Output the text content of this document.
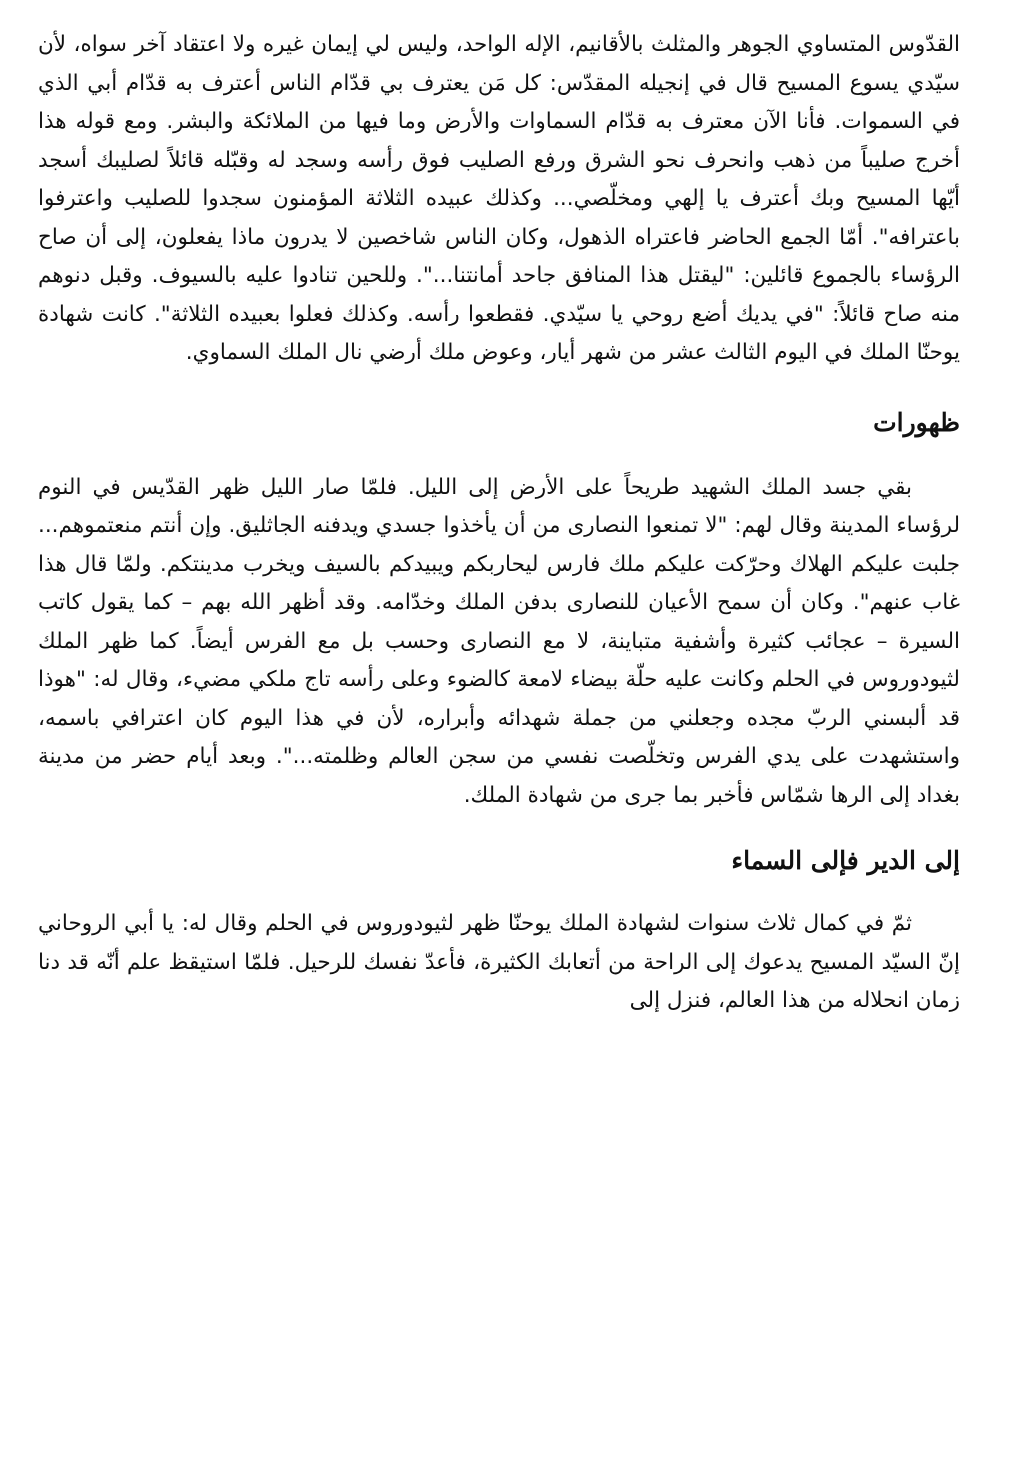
القدّوس المتساوي الجوهر والمثلث بالأقانيم، الإله الواحد، وليس لي إيمان غيره ولا اعتقاد آخر سواه، لأن سيّدي يسوع المسيح قال في إنجيله المقدّس: كل مَن يعترف بي قدّام الناس أعترف به قدّام أبي الذي في السموات. فأنا الآن معترف به قدّام السماوات والأرض وما فيها من الملائكة والبشر. ومع قوله هذا أخرج صليباً من ذهب وانحرف نحو الشرق ورفع الصليب فوق رأسه وسجد له وقبّله قائلاً لصليبك أسجد أيّها المسيح وبك أعترف يا إلهي ومخلّصي... وكذلك عبيده الثلاثة المؤمنون سجدوا للصليب واعترفوا باعترافه". أمّا الجمع الحاضر فاعتراه الذهول، وكان الناس شاخصين لا يدرون ماذا يفعلون، إلى أن صاح الرؤساء بالجموع قائلين: "ليقتل هذا المنافق جاحد أمانتنا...". وللحين تنادوا عليه بالسيوف. وقبل دنوهم منه صاح قائلاً: "في يديك أضع روحي يا سيّدي. فقطعوا رأسه. وكذلك فعلوا بعبيده الثلاثة". كانت شهادة يوحنّا الملك في اليوم الثالث عشر من شهر أيار، وعوض ملك أرضي نال الملك السماوي.

ظهورات

بقي جسد الملك الشهيد طريحاً على الأرض إلى الليل. فلمّا صار الليل ظهر القدّيس في النوم لرؤساء المدينة وقال لهم: "لا تمنعوا النصارى من أن يأخذوا جسدي ويدفنه الجاثليق. وإن أنتم منعتموهم... جلبت عليكم الهلاك وحرّكت عليكم ملك فارس ليحاربكم ويبيدكم بالسيف ويخرب مدينتكم. ولمّا قال هذا غاب عنهم". وكان أن سمح الأعيان للنصارى بدفن الملك وخدّامه. وقد أظهر الله بهم – كما يقول كاتب السيرة – عجائب كثيرة وأشفية متباينة، لا مع النصارى وحسب بل مع الفرس أيضاً. كما ظهر الملك لثيودوروس في الحلم وكانت عليه حلّة بيضاء لامعة كالضوء وعلى رأسه تاج ملكي مضيء، وقال له: "هوذا قد ألبسني الربّ مجده وجعلني من جملة شهدائه وأبراره، لأن في هذا اليوم كان اعترافي باسمه، واستشهدت على يدي الفرس وتخلّصت نفسي من سجن العالم وظلمته...". وبعد أيام حضر من مدينة بغداد إلى الرها شمّاس فأخبر بما جرى من شهادة الملك.

إلى الدير فإلى السماء

ثمّ في كمال ثلاث سنوات لشهادة الملك يوحنّا ظهر لثيودوروس في الحلم وقال له: يا أبي الروحاني إنّ السيّد المسيح يدعوك إلى الراحة من أتعابك الكثيرة، فأعدّ نفسك للرحيل. فلمّا استيقظ علم أنّه قد دنا زمان انحلاله من هذا العالم، فنزل إلى
